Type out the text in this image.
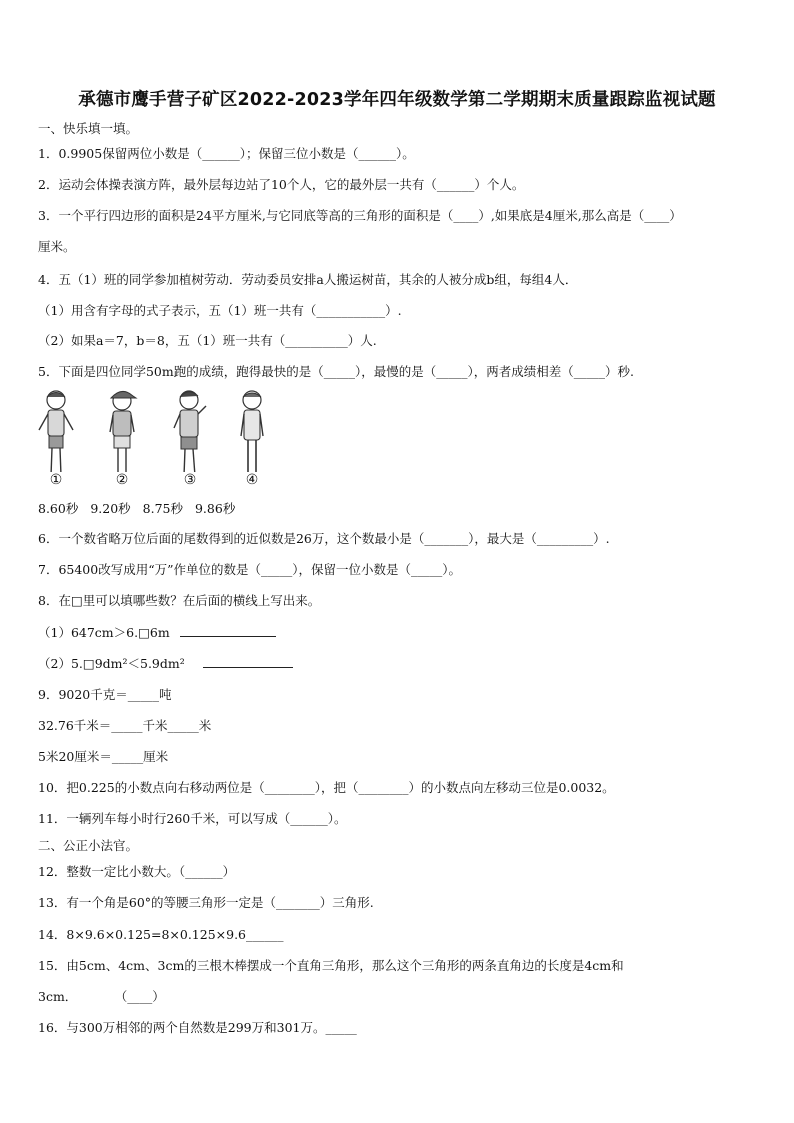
承德市鹰手营子矿区2022-2023学年四年级数学第二学期期末质量跟踪监视试题
一、快乐填一填。
1．0.9905保留两位小数是（______）；保留三位小数是（______）。
2．运动会体操表演方阵，最外层每边站了10个人，它的最外层一共有（______）个人。
3．一个平行四边形的面积是24平方厘米,与它同底等高的三角形的面积是（____）,如果底是4厘米,那么高是（____）
厘米。
4．五（1）班的同学参加植树劳动．劳动委员安排a人搬运树苗，其余的人被分成b组，每组4人．
（1）用含有字母的式子表示，五（1）班一共有（___________）.
（2）如果a＝7，b＝8，五（1）班一共有（__________）人.
5．下面是四位同学50m跑的成绩，跑得最快的是（_____），最慢的是（_____），两者成绩相差（_____）秒.
①	②	③	④
8.60秒 9.20秒 8.75秒 9.86秒
6．一个数省略万位后面的尾数得到的近似数是26万，这个数最小是（_______），最大是（_________）.
7．65400改写成用“万”作单位的数是（_____），保留一位小数是（_____）。
8．在□里可以填哪些数？在后面的横线上写出来。
（1）647cm＞6.□6m
（2）5.□9dm²＜5.9dm²
9．9020千克＝_____吨
32.76千米＝_____千米_____米
5米20厘米＝_____厘米
10．把0.225的小数点向右移动两位是（________），把（________）的小数点向左移动三位是0.0032。
11．一辆列车每小时行260千米，可以写成（______）。
二、公正小法官。
12．整数一定比小数大。（______）
13．有一个角是60°的等腰三角形一定是（_______）三角形.
14．8×9.6×0.125=8×0.125×9.6______
15．由5cm、4cm、3cm的三根木棒摆成一个直角三角形，那么这个三角形的两条直角边的长度是4cm和
3cm．　　　　（____）
16．与300万相邻的两个自然数是299万和301万。_____
